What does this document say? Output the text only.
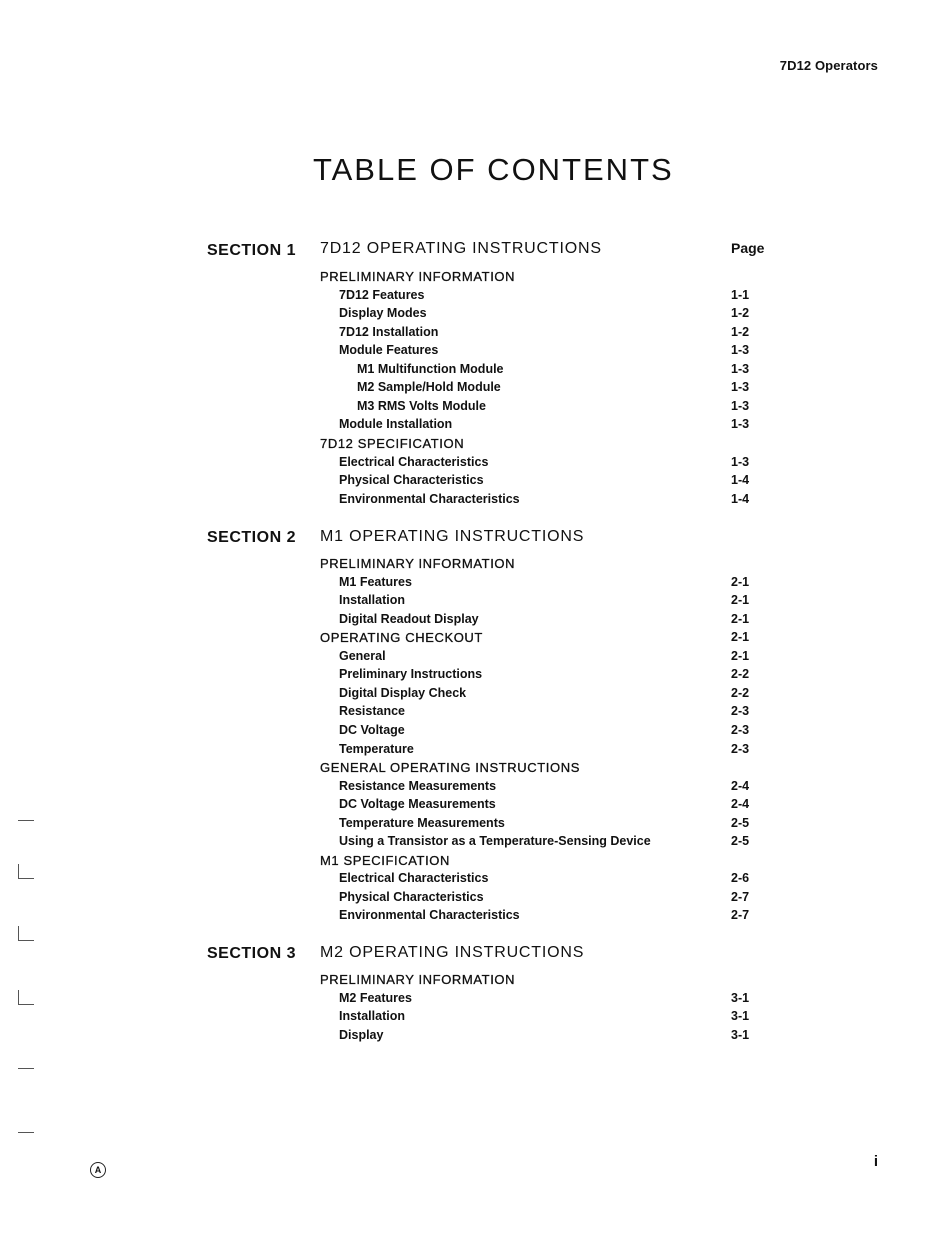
7D12 Operators
TABLE OF CONTENTS
SECTION 1 7D12 OPERATING INSTRUCTIONS	Page
PRELIMINARY INFORMATION
7D12 Features	1-1
Display Modes	1-2
7D12 Installation	1-2
Module Features	1-3
M1 Multifunction Module	1-3
M2 Sample/Hold Module	1-3
M3 RMS Volts Module	1-3
Module Installation	1-3
7D12 SPECIFICATION
Electrical Characteristics	1-3
Physical Characteristics	1-4
Environmental Characteristics	1-4
SECTION 2 M1 OPERATING INSTRUCTIONS
PRELIMINARY INFORMATION
M1 Features	2-1
Installation	2-1
Digital Readout Display	2-1
OPERATING CHECKOUT	2-1
General	2-1
Preliminary Instructions	2-2
Digital Display Check	2-2
Resistance	2-3
DC Voltage	2-3
Temperature	2-3
GENERAL OPERATING INSTRUCTIONS
Resistance Measurements	2-4
DC Voltage Measurements	2-4
Temperature Measurements	2-5
Using a Transistor as a Temperature-Sensing Device	2-5
M1 SPECIFICATION
Electrical Characteristics	2-6
Physical Characteristics	2-7
Environmental Characteristics	2-7
SECTION 3 M2 OPERATING INSTRUCTIONS
PRELIMINARY INFORMATION
M2 Features	3-1
Installation	3-1
Display	3-1
A	i
